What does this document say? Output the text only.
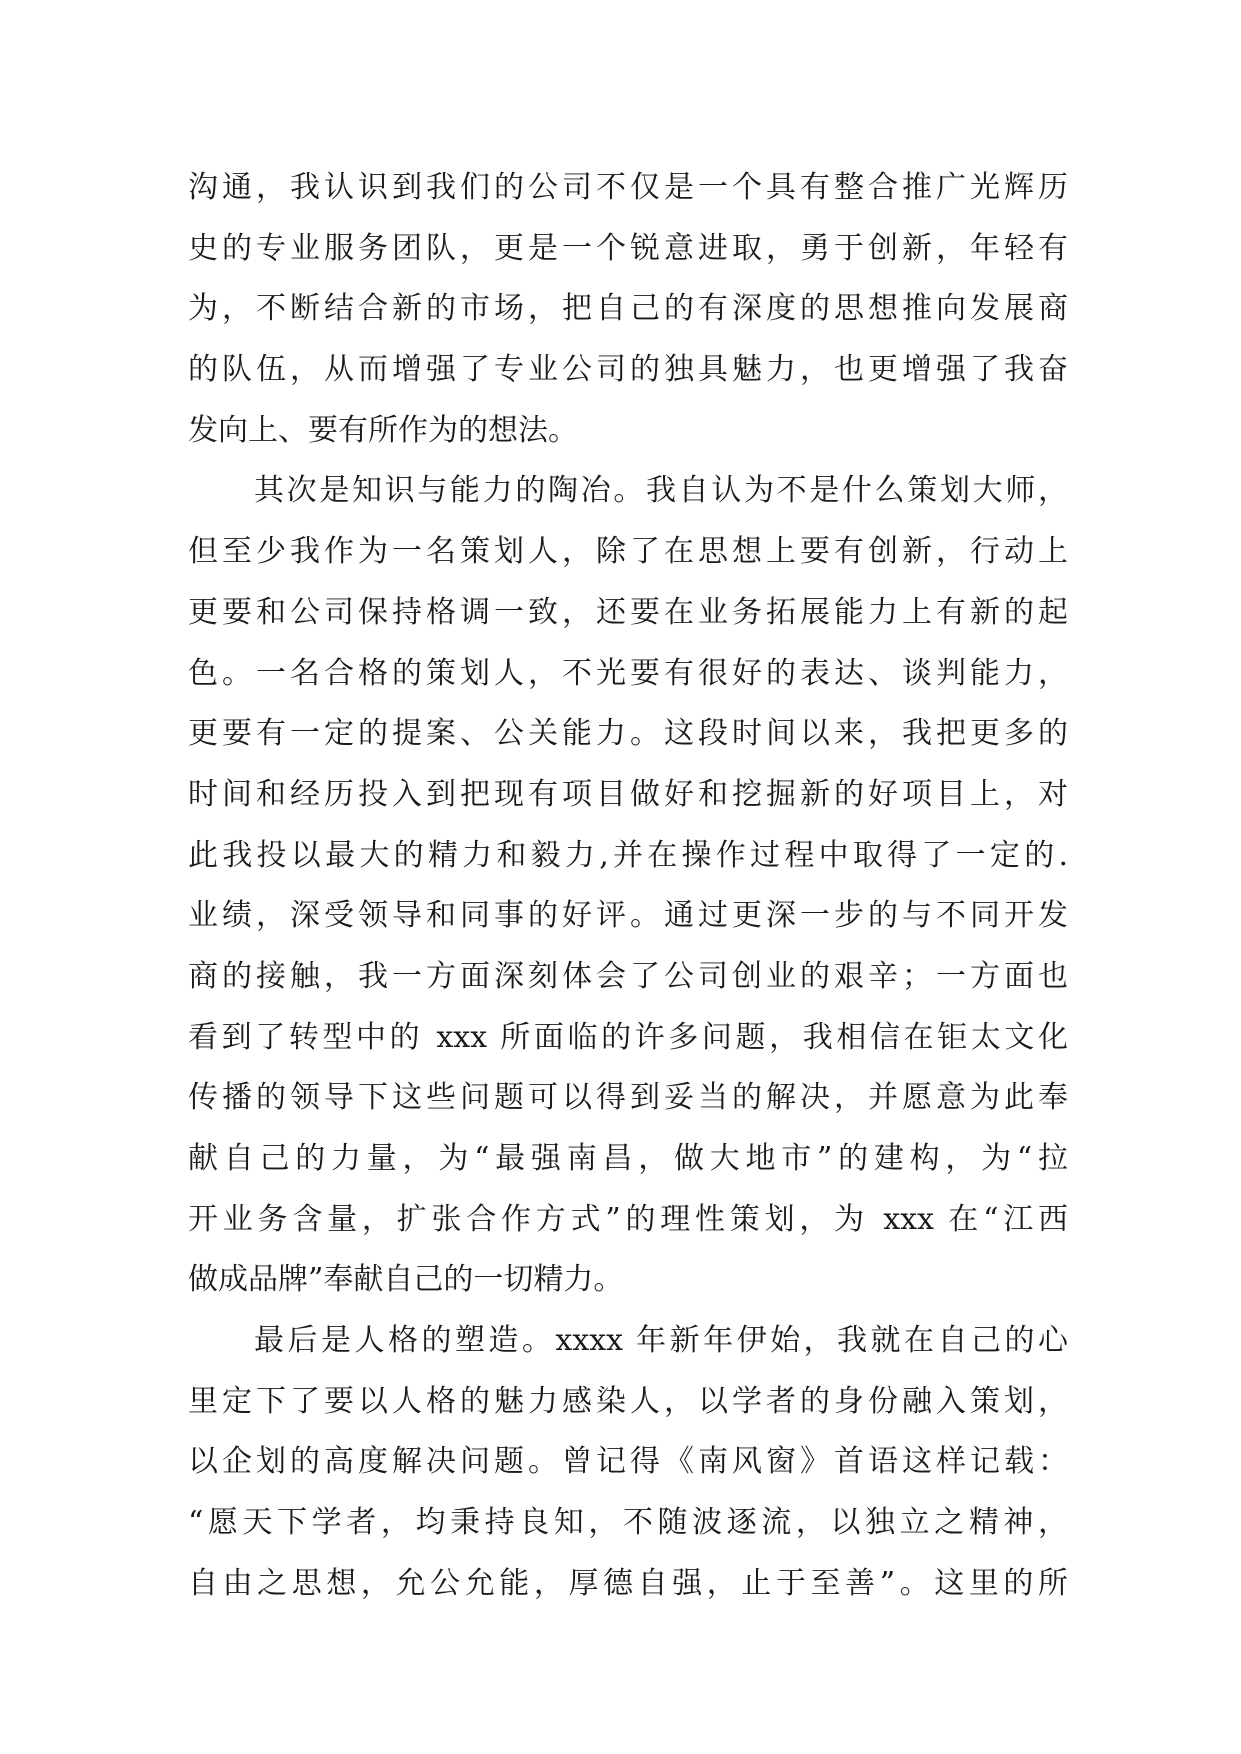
沟通，我认识到我们的公司不仅是一个具有整合推广光辉历
史的专业服务团队，更是一个锐意进取，勇于创新，年轻有
为，不断结合新的市场，把自己的有深度的思想推向发展商
的队伍，从而增强了专业公司的独具魅力，也更增强了我奋
发向上、要有所作为的想法。
其次是知识与能力的陶冶。我自认为不是什么策划大师，
但至少我作为一名策划人，除了在思想上要有创新，行动上
更要和公司保持格调一致，还要在业务拓展能力上有新的起
色。一名合格的策划人，不光要有很好的表达、谈判能力，
更要有一定的提案、公关能力。这段时间以来，我把更多的
时间和经历投入到把现有项目做好和挖掘新的好项目上，对
此我投以最大的精力和毅力,并在操作过程中取得了一定的.
业绩，深受领导和同事的好评。通过更深一步的与不同开发
商的接触，我一方面深刻体会了公司创业的艰辛；一方面也
看到了转型中的 xxx 所面临的许多问题，我相信在钜太文化
传播的领导下这些问题可以得到妥当的解决，并愿意为此奉
献自己的力量，为“最强南昌，做大地市”的建构，为“拉
开业务含量，扩张合作方式”的理性策划，为 xxx 在“江西
做成品牌”奉献自己的一切精力。
最后是人格的塑造。xxxx 年新年伊始，我就在自己的心
里定下了要以人格的魅力感染人，以学者的身份融入策划，
以企划的高度解决问题。曾记得《南风窗》首语这样记载：
“愿天下学者，均秉持良知，不随波逐流，以独立之精神，
自由之思想，允公允能，厚德自强，止于至善”。这里的所
